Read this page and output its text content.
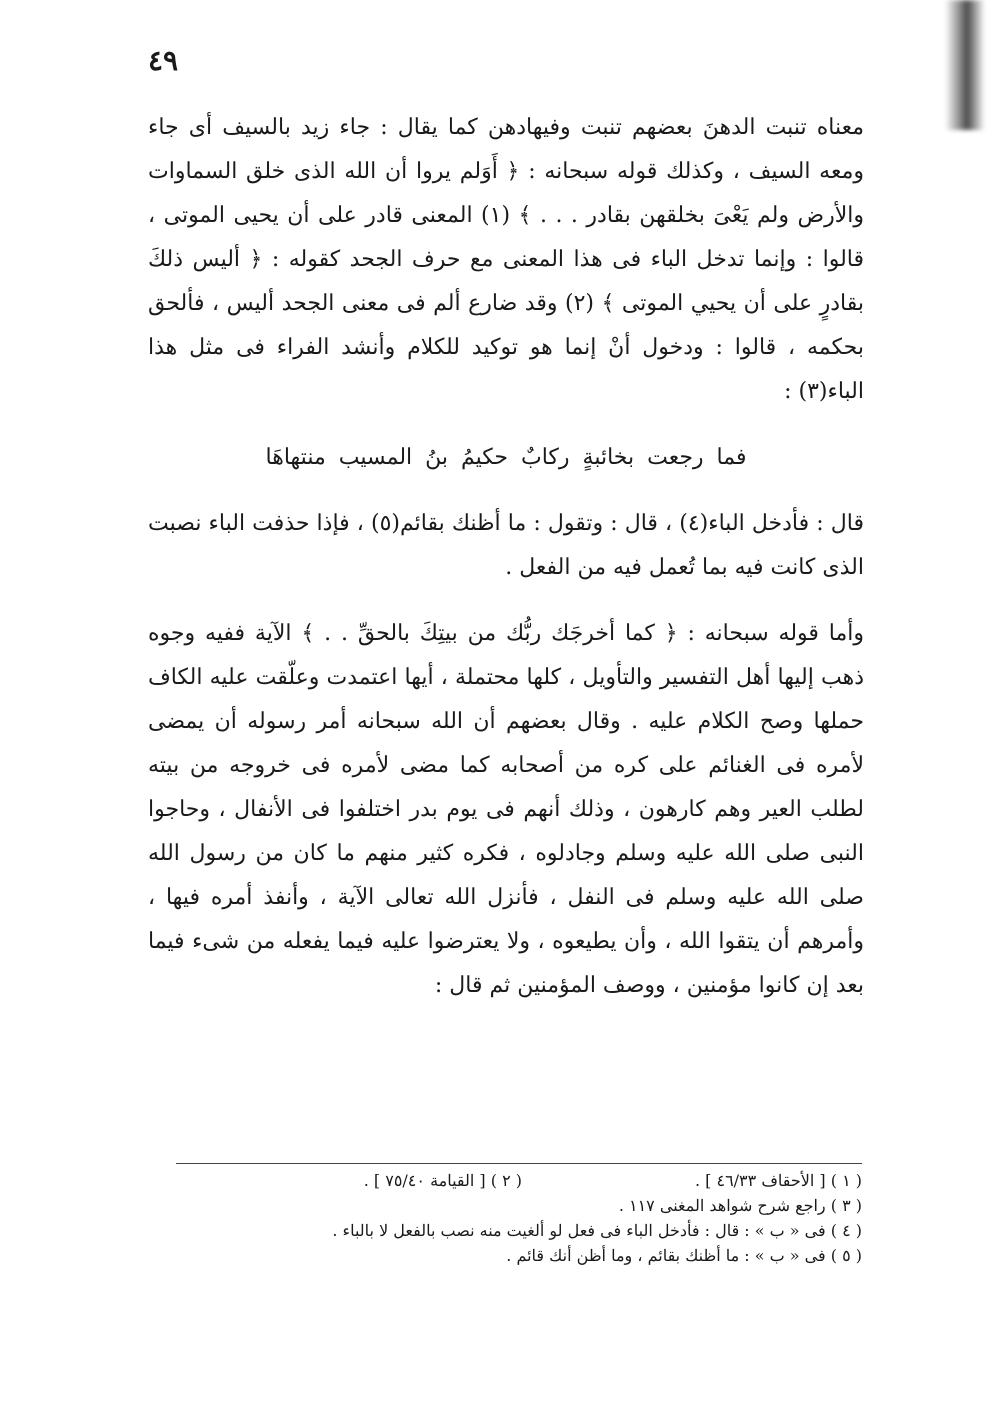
٤٩

معناه تنبت الدهنَ بعضهم تنبت وفيهادهن كما يقال : جاء زيد بالسيف أى جاء ومعه السيف ، وكذلك قوله سبحانه : ﴿ أَوَلم يروا أن الله الذى خلق السماوات والأرض ولم يَعْىَ بخلقهن بقادر . . . ﴾ (١) المعنى قادر على أن يحيى الموتى ، قالوا : وإنما تدخل الباء فى هذا المعنى مع حرف الجحد كقوله : ﴿ أليس ذلكَ بقادرٍ على أن يحيي الموتى ﴾ (٢) وقد ضارع ألم فى معنى الجحد أليس ، فألحق بحكمه ، قالوا : ودخول أنْ إنما هو توكيد للكلام وأنشد الفراء فى مثل هذا الباء(٣) :

فما رجعت بخائبةٍ ركابٌ حكيمُ بنُ المسيب منتهاهَا

قال : فأدخل الباء(٤) ، قال : وتقول : ما أظنك بقائم(٥) ، فإذا حذفت الباء نصبت الذى كانت فيه بما تُعمل فيه من الفعل .

وأما قوله سبحانه : ﴿ كما أخرجَك ربُّك من بيتِكَ بالحقِّ . . ﴾ الآية ففيه وجوه ذهب إليها أهل التفسير والتأويل ، كلها محتملة ، أيها اعتمدت وعلّقت عليه الكاف حملها وصح الكلام عليه . وقال بعضهم أن الله سبحانه أمر رسوله أن يمضى لأمره فى الغنائم على كره من أصحابه كما مضى لأمره فى خروجه من بيته لطلب العير وهم كارهون ، وذلك أنهم فى يوم بدر اختلفوا فى الأنفال ، وحاجوا النبى صلى الله عليه وسلم وجادلوه ، فكره كثير منهم ما كان من رسول الله صلى الله عليه وسلم فى النفل ، فأنزل الله تعالى الآية ، وأنفذ أمره فيها ، وأمرهم أن يتقوا الله ، وأن يطيعوه ، ولا يعترضوا عليه فيما يفعله من شىء فيما بعد إن كانوا مؤمنين ، ووصف المؤمنين ثم قال :

( ١ ) [ الأحقاف ٤٦/٣٣ ] .
( ٢ ) [ القيامة ٧٥/٤٠ ] .
( ٣ ) راجع شرح شواهد المغنى ١١٧ .
( ٤ ) فى « ب » : قال : فأدخل الباء فى فعل لو ألغيت منه نصب بالفعل لا بالباء .
( ٥ ) فى « ب » : ما أظنك بقائم ، وما أظن أنك قائم .
